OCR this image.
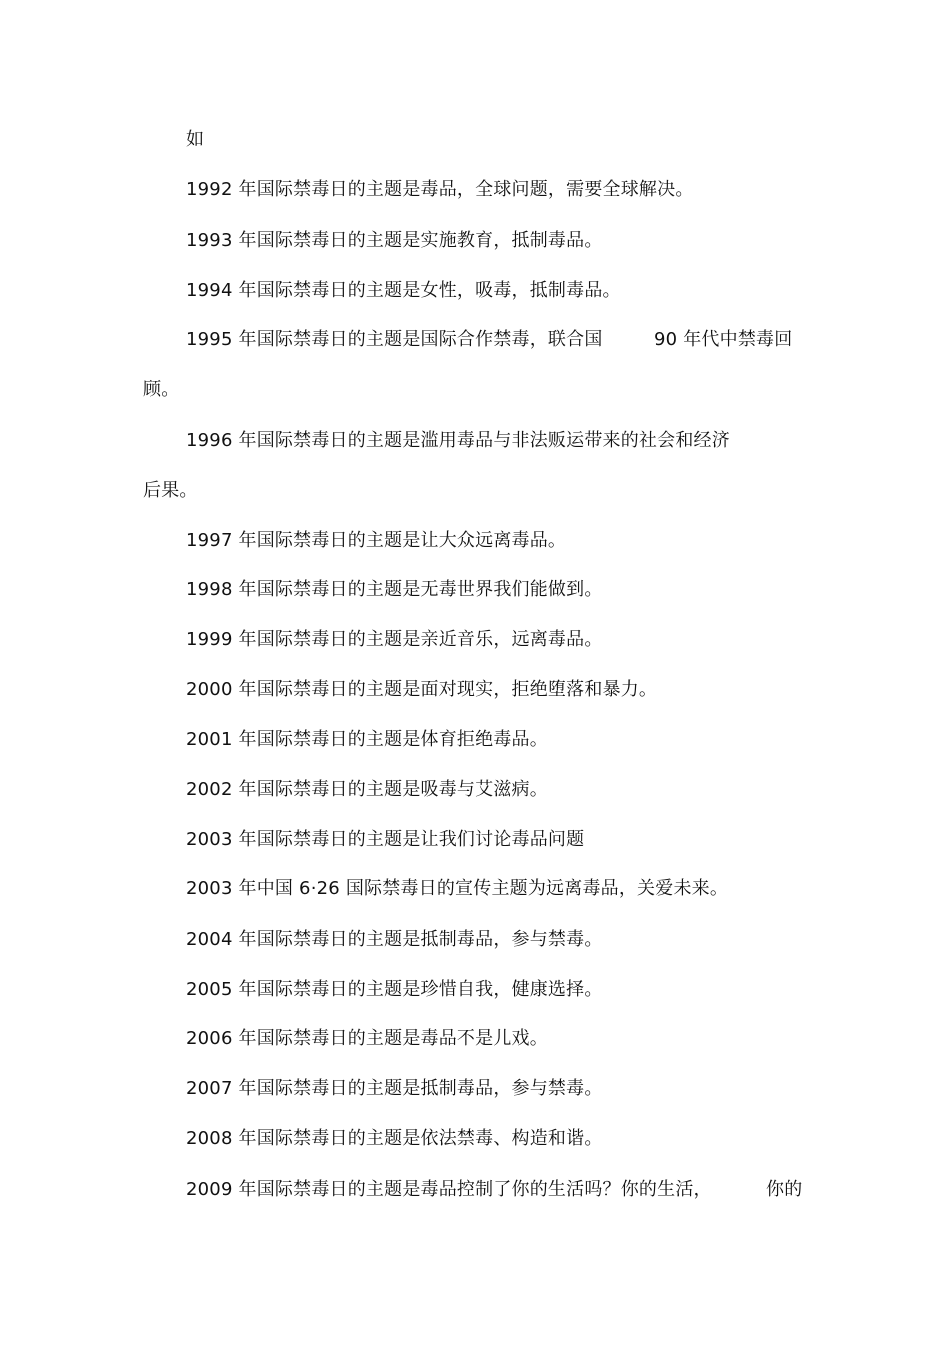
如
1992 年国际禁毒日的主题是毒品，全球问题，需要全球解决。
1993 年国际禁毒日的主题是实施教育，抵制毒品。
1994 年国际禁毒日的主题是女性，吸毒，抵制毒品。
1995 年国际禁毒日的主题是国际合作禁毒，联合国	90 年代中禁毒回
顾。
1996 年国际禁毒日的主题是滥用毒品与非法贩运带来的社会和经济
后果。
1997 年国际禁毒日的主题是让大众远离毒品。
1998 年国际禁毒日的主题是无毒世界我们能做到。
1999 年国际禁毒日的主题是亲近音乐，远离毒品。
2000 年国际禁毒日的主题是面对现实，拒绝堕落和暴力。
2001 年国际禁毒日的主题是体育拒绝毒品。
2002 年国际禁毒日的主题是吸毒与艾滋病。
2003 年国际禁毒日的主题是让我们讨论毒品问题
2003 年中国 6·26 国际禁毒日的宣传主题为远离毒品，关爱未来。
2004 年国际禁毒日的主题是抵制毒品，参与禁毒。
2005 年国际禁毒日的主题是珍惜自我，健康选择。
2006 年国际禁毒日的主题是毒品不是儿戏。
2007 年国际禁毒日的主题是抵制毒品，参与禁毒。
2008 年国际禁毒日的主题是依法禁毒、构造和谐。
2009 年国际禁毒日的主题是毒品控制了你的生活吗？你的生活，	你的
